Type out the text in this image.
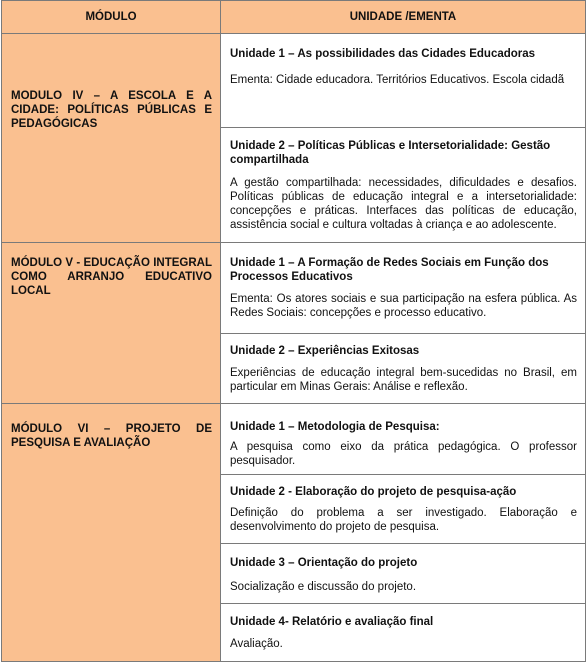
MÓDULO	UNIDADE /EMENTA

MODULO IV – A ESCOLA E A CIDADE: POLÍTICAS PÚBLICAS E PEDAGÓGICAS	Unidade 1 – As possibilidades das Cidades Educadoras
Ementa: Cidade educadora. Territórios Educativos. Escola cidadã

	Unidade 2 – Políticas Públicas e Intersetorialidade: Gestão compartilhada
A gestão compartilhada: necessidades, dificuldades e desafios. Políticas públicas de educação integral e a intersetorialidade: concepções e práticas. Interfaces das políticas de educação, assistência social e cultura voltadas à criança e ao adolescente.

MÓDULO V - EDUCAÇÃO INTEGRAL COMO ARRANJO EDUCATIVO LOCAL	Unidade 1 – A Formação de Redes Sociais em Função dos Processos Educativos
Ementa: Os atores sociais e sua participação na esfera pública. As Redes Sociais: concepções e processo educativo.

	Unidade 2 – Experiências Exitosas
Experiências de educação integral bem-sucedidas no Brasil, em particular em Minas Gerais: Análise e reflexão.

MÓDULO VI – PROJETO DE PESQUISA E AVALIAÇÃO	Unidade 1 – Metodologia de Pesquisa:
A pesquisa como eixo da prática pedagógica. O professor pesquisador.

	Unidade 2 - Elaboração do projeto de pesquisa-ação
Definição do problema a ser investigado. Elaboração e desenvolvimento do projeto de pesquisa.

	Unidade 3 – Orientação do projeto
Socialização e discussão do projeto.

	Unidade 4- Relatório e avaliação final
Avaliação.
